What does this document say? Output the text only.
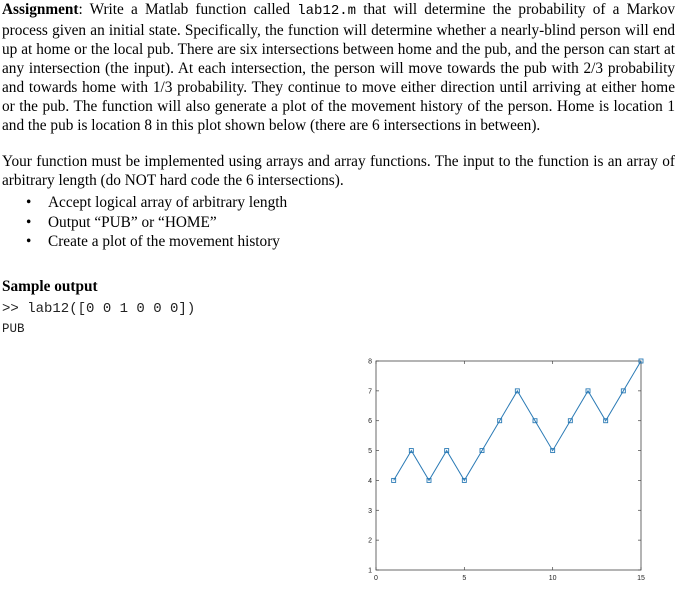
Assignment: Write a Matlab function called lab12.m that will determine the probability of a Markov process given an initial state. Specifically, the function will determine whether a nearly-blind person will end up at home or the local pub. There are six intersections between home and the pub, and the person can start at any intersection (the input). At each intersection, the person will move towards the pub with 2/3 probability and towards home with 1/3 probability. They continue to move either direction until arriving at either home or the pub. The function will also generate a plot of the movement history of the person. Home is location 1 and the pub is location 8 in this plot shown below (there are 6 intersections in between).

Your function must be implemented using arrays and array functions. The input to the function is an array of arbitrary length (do NOT hard code the 6 intersections).

• Accept logical array of arbitrary length
• Output “PUB” or “HOME”
• Create a plot of the movement history
Sample output
>> lab12([0 0 1 0 0 0])
PUB
0	5	10	15
1
2
3
4
5
6
7
8
